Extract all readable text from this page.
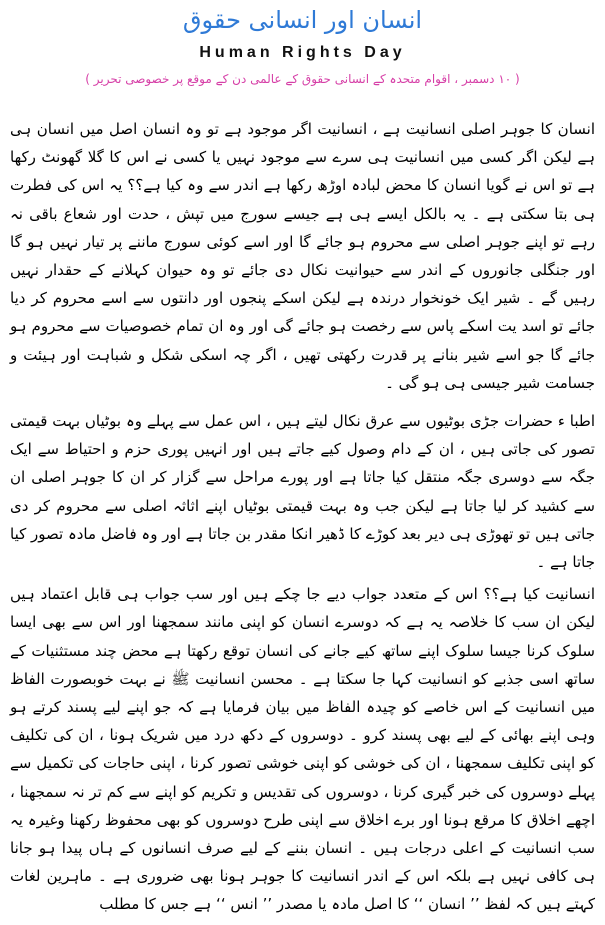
انسان اور انسانی حقوق
Human Rights Day
( ۱۰ دسمبر ، اقوام متحدہ کے انسانی حقوق کے عالمی دن کے موقع پر خصوصی تحریر )

انسان کا جوہر اصلی انسانیت ہے ، انسانیت اگر موجود ہے تو وہ انسان اصل میں انسان ہی ہے لیکن اگر کسی میں انسانیت ہی سرے سے موجود نہیں یا کسی نے اس کا گلا گھونٹ رکھا ہے تو اس نے گویا انسان کا محض لبادہ اوڑھ رکھا ہے اندر سے وہ کیا ہے؟؟ یہ اس کی فطرت ہی بتا سکتی ہے ۔ یہ بالکل ایسے ہی ہے جیسے سورج میں تپش ، حدت اور شعاع باقی نہ رہے تو اپنے جوہر اصلی سے محروم ہو جائے گا اور اسے کوئی سورج ماننے پر تیار نہیں ہو گا اور جنگلی جانوروں کے اندر سے حیوانیت نکال دی جائے تو وہ حیوان کہلانے کے حقدار نہیں رہیں گے ۔ شیر ایک خونخوار درندہ ہے لیکن اسکے پنجوں اور دانتوں سے اسے محروم کر دیا جائے تو اسد یت اسکے پاس سے رخصت ہو جائے گی اور وہ ان تمام خصوصیات سے محروم ہو جائے گا جو اسے شیر بنانے پر قدرت رکھتی تھیں ، اگر چہ اسکی شکل و شباہت اور ہیئت و جسامت شیر جیسی ہی ہو گی ۔

اطبا ء حضرات جڑی بوٹیوں سے عرق نکال لیتے ہیں ، اس عمل سے پہلے وہ بوٹیاں بہت قیمتی تصور کی جاتی ہیں ، ان کے دام وصول کیے جاتے ہیں اور انہیں پوری حزم و احتیاط سے ایک جگہ سے دوسری جگہ منتقل کیا جاتا ہے اور پورے مراحل سے گزار کر ان کا جوہر اصلی ان سے کشید کر لیا جاتا ہے لیکن جب وہ بہت قیمتی بوٹیاں اپنے اثاثہ اصلی سے محروم کر دی جاتی ہیں تو تھوڑی ہی دیر بعد کوڑے کا ڈھیر انکا مقدر بن جاتا ہے اور وہ فاضل مادہ تصور کیا جاتا ہے ۔

انسانیت کیا ہے؟؟ اس کے متعدد جواب دیے جا چکے ہیں اور سب جواب ہی قابل اعتماد ہیں لیکن ان سب کا خلاصہ یہ ہے کہ دوسرے انسان کو اپنی مانند سمجھنا اور اس سے بھی ایسا سلوک کرنا جیسا سلوک اپنے ساتھ کیے جانے کی انسان توقع رکھتا ہے محض چند مستثنیات کے ساتھ اسی جذبے کو انسانیت کہا جا سکتا ہے ۔ محسن انسانیت ﷺ نے بہت خوبصورت الفاظ میں انسانیت کے اس خاصے کو چیدہ الفاظ میں بیان فرمایا ہے کہ جو اپنے لیے پسند کرتے ہو وہی اپنے بھائی کے لیے بھی پسند کرو ۔ دوسروں کے دکھ درد میں شریک ہونا ، ان کی تکلیف کو اپنی تکلیف سمجھنا ، ان کی خوشی کو اپنی خوشی تصور کرنا ، اپنی حاجات کی تکمیل سے پہلے دوسروں کی خبر گیری کرنا ، دوسروں کی تقدیس و تکریم کو اپنے سے کم تر نہ سمجھنا ، اچھے اخلاق کا مرقع ہونا اور برے اخلاق سے اپنی طرح دوسروں کو بھی محفوظ رکھنا وغیرہ یہ سب انسانیت کے اعلی درجات ہیں ۔ انسان بننے کے لیے صرف انسانوں کے ہاں پیدا ہو جانا ہی کافی نہیں ہے بلکہ اس کے اندر انسانیت کا جوہر ہونا بھی ضروری ہے ۔ ماہرین لغات کہتے ہیں کہ لفظ ’’ انسان ‘‘ کا اصل مادہ یا مصدر ’’ انس ‘‘ ہے جس کا مطلب
